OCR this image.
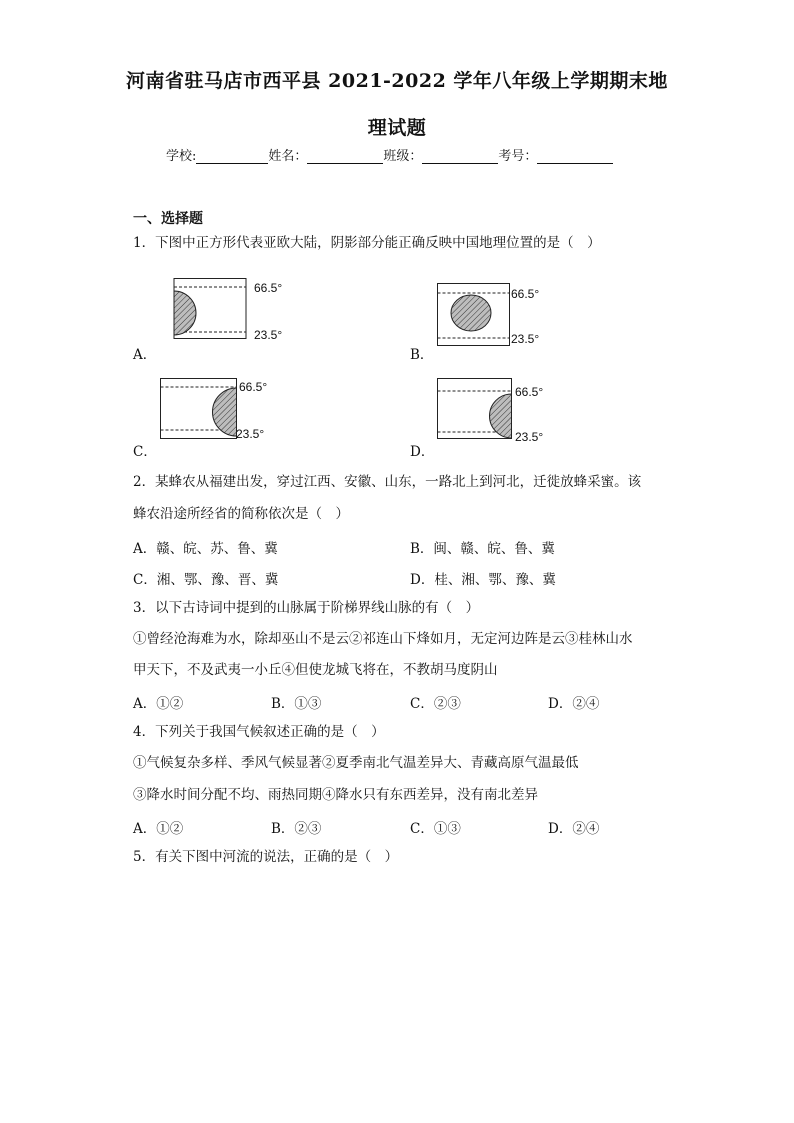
河南省驻马店市西平县 2021-2022 学年八年级上学期期末地
理试题
学校:	姓名：	班级：	考号：
一、选择题
1．下图中正方形代表亚欧大陆，阴影部分能正确反映中国地理位置的是（　）
A．
66.5°
23.5°
B．
66.5°
23.5°
C．
66.5°
23.5°
D．
66.5°
23.5°
2．某蜂农从福建出发，穿过江西、安徽、山东，一路北上到河北，迁徙放蜂采蜜。该
蜂农沿途所经省的简称依次是（　）
A．赣、皖、苏、鲁、冀	B．闽、赣、皖、鲁、冀
C．湘、鄂、豫、晋、冀	D．桂、湘、鄂、豫、冀
3．以下古诗词中提到的山脉属于阶梯界线山脉的有（　）
①曾经沧海难为水，除却巫山不是云②祁连山下烽如月，无定河边阵是云③桂林山水
甲天下，不及武夷一小丘④但使龙城飞将在，不教胡马度阴山
A．①②	B．①③	C．②③	D．②④
4．下列关于我国气候叙述正确的是（　）
①气候复杂多样、季风气候显著②夏季南北气温差异大、青藏高原气温最低
③降水时间分配不均、雨热同期④降水只有东西差异，没有南北差异
A．①②	B．②③	C．①③	D．②④
5．有关下图中河流的说法，正确的是（　）
